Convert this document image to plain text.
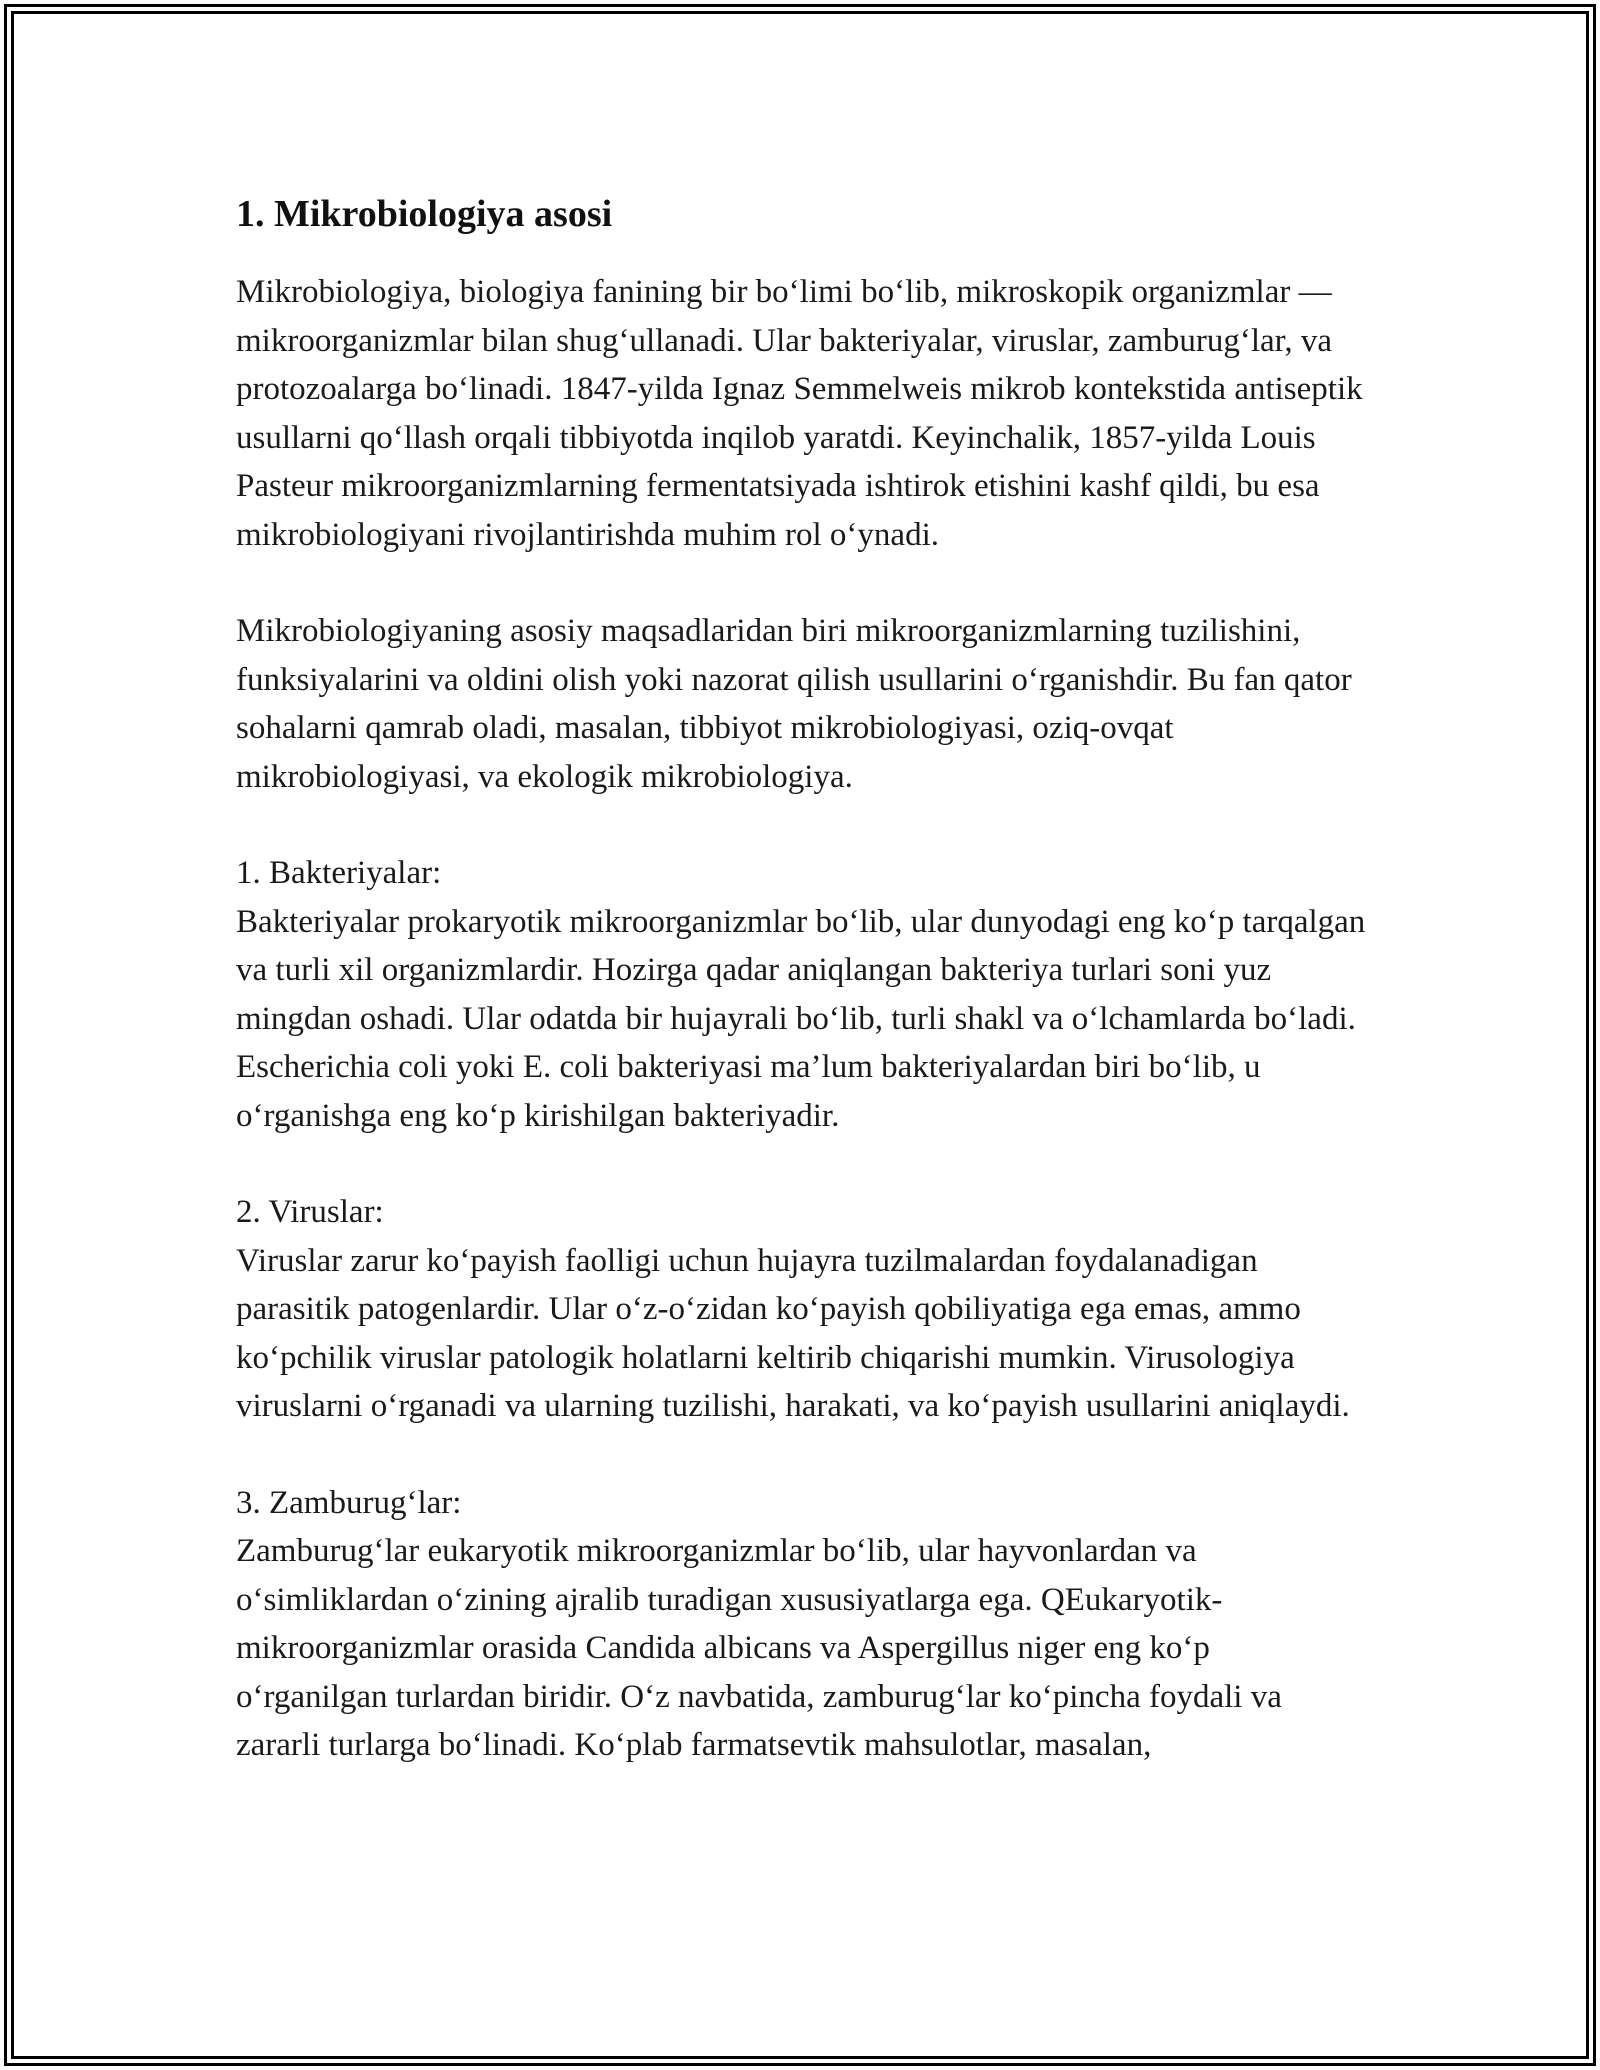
1. Mikrobiologiya asosi

Mikrobiologiya, biologiya fanining bir bo‘limi bo‘lib, mikroskopik organizmlar — mikroorganizmlar bilan shug‘ullanadi. Ular bakteriyalar, viruslar, zamburug‘lar, va protozoalarga bo‘linadi. 1847-yilda Ignaz Semmelweis mikrob kontekstida antiseptik usullarni qo‘llash orqali tibbiyotda inqilob yaratdi. Keyinchalik, 1857-yilda Louis Pasteur mikroorganizmlarning fermentatsiyada ishtirok etishini kashf qildi, bu esa mikrobiologiyani rivojlantirishda muhim rol o‘ynadi.

Mikrobiologiyaning asosiy maqsadlaridan biri mikroorganizmlarning tuzilishini, funksiyalarini va oldini olish yoki nazorat qilish usullarini o‘rganishdir. Bu fan qator sohalarni qamrab oladi, masalan, tibbiyot mikrobiologiyasi, oziq-ovqat mikrobiologiyasi, va ekologik mikrobiologiya.

1. Bakteriyalar:

Bakteriyalar prokaryotik mikroorganizmlar bo‘lib, ular dunyodagi eng ko‘p tarqalgan va turli xil organizmlardir. Hozirga qadar aniqlangan bakteriya turlari soni yuz mingdan oshadi. Ular odatda bir hujayrali bo‘lib, turli shakl va o‘lchamlarda bo‘ladi. Escherichia coli yoki E. coli bakteriyasi ma’lum bakteriyalardan biri bo‘lib, u o‘rganishga eng ko‘p kirishilgan bakteriyadir.

2. Viruslar:

Viruslar zarur ko‘payish faolligi uchun hujayra tuzilmalardan foydalanadigan parasitik patogenlardir. Ular o‘z-o‘zidan ko‘payish qobiliyatiga ega emas, ammo ko‘pchilik viruslar patologik holatlarni keltirib chiqarishi mumkin. Virusologiya viruslarni o‘rganadi va ularning tuzilishi, harakati, va ko‘payish usullarini aniqlaydi.

3. Zamburug‘lar:

Zamburug‘lar eukaryotik mikroorganizmlar bo‘lib, ular hayvonlardan va o‘simliklardan o‘zining ajralib turadigan xususiyatlarga ega. QEukaryotik-mikroorganizmlar orasida Candida albicans va Aspergillus niger eng ko‘p o‘rganilgan turlardan biridir. O‘z navbatida, zamburug‘lar ko‘pincha foydali va zararli turlarga bo‘linadi. Ko‘plab farmatsevtik mahsulotlar, masalan,
